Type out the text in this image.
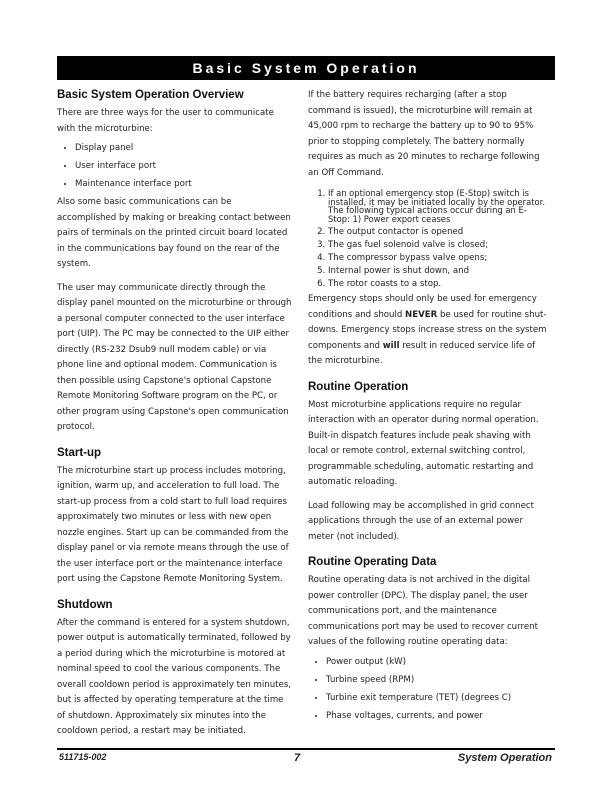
Basic System Operation
Basic System Operation Overview

There are three ways for the user to communicate with the microturbine:

• Display panel
• User interface port
• Maintenance interface port

Also some basic communications can be accomplished by making or breaking contact between pairs of terminals on the printed circuit board located in the communications bay found on the rear of the system.

The user may communicate directly through the display panel mounted on the microturbine or through a personal computer connected to the user interface port (UIP). The PC may be connected to the UIP either directly (RS-232 Dsub9 null modem cable) or via phone line and optional modem. Communication is then possible using Capstone's optional Capstone Remote Monitoring Software program on the PC, or other program using Capstone's open communication protocol.

Start-up

The microturbine start up process includes motoring, ignition, warm up, and acceleration to full load. The start-up process from a cold start to full load requires approximately two minutes or less with new open nozzle engines. Start up can be commanded from the display panel or via remote means through the use of the user interface port or the maintenance interface port using the Capstone Remote Monitoring System.

Shutdown

After the command is entered for a system shutdown, power output is automatically terminated, followed by a period during which the microturbine is motored at nominal speed to cool the various components. The overall cooldown period is approximately ten minutes, but is affected by operating temperature at the time of shutdown. Approximately six minutes into the cooldown period, a restart may be initiated.

If the battery requires recharging (after a stop command is issued), the microturbine will remain at 45,000 rpm to recharge the battery up to 90 to 95% prior to stopping completely. The battery normally requires as much as 20 minutes to recharge following an Off Command.

1. If an optional emergency stop (E-Stop) switch is installed, it may be initiated locally by the operator. The following typical actions occur during an E-Stop: 1) Power export ceases
2. The output contactor is opened
3. The gas fuel solenoid valve is closed;
4. The compressor bypass valve opens;
5. Internal power is shut down, and
6. The rotor coasts to a stop.

Emergency stops should only be used for emergency conditions and should NEVER be used for routine shut-downs. Emergency stops increase stress on the system components and will result in reduced service life of the microturbine.

Routine Operation

Most microturbine applications require no regular interaction with an operator during normal operation. Built-in dispatch features include peak shaving with local or remote control, external switching control, programmable scheduling, automatic restarting and automatic reloading.

Load following may be accomplished in grid connect applications through the use of an external power meter (not included).

Routine Operating Data

Routine operating data is not archived in the digital power controller (DPC). The display panel, the user communications port, and the maintenance communications port may be used to recover current values of the following routine operating data:

• Power output (kW)
• Turbine speed (RPM)
• Turbine exit temperature (TET) (degrees C)
• Phase voltages, currents, and power
511715-002	7	System Operation
